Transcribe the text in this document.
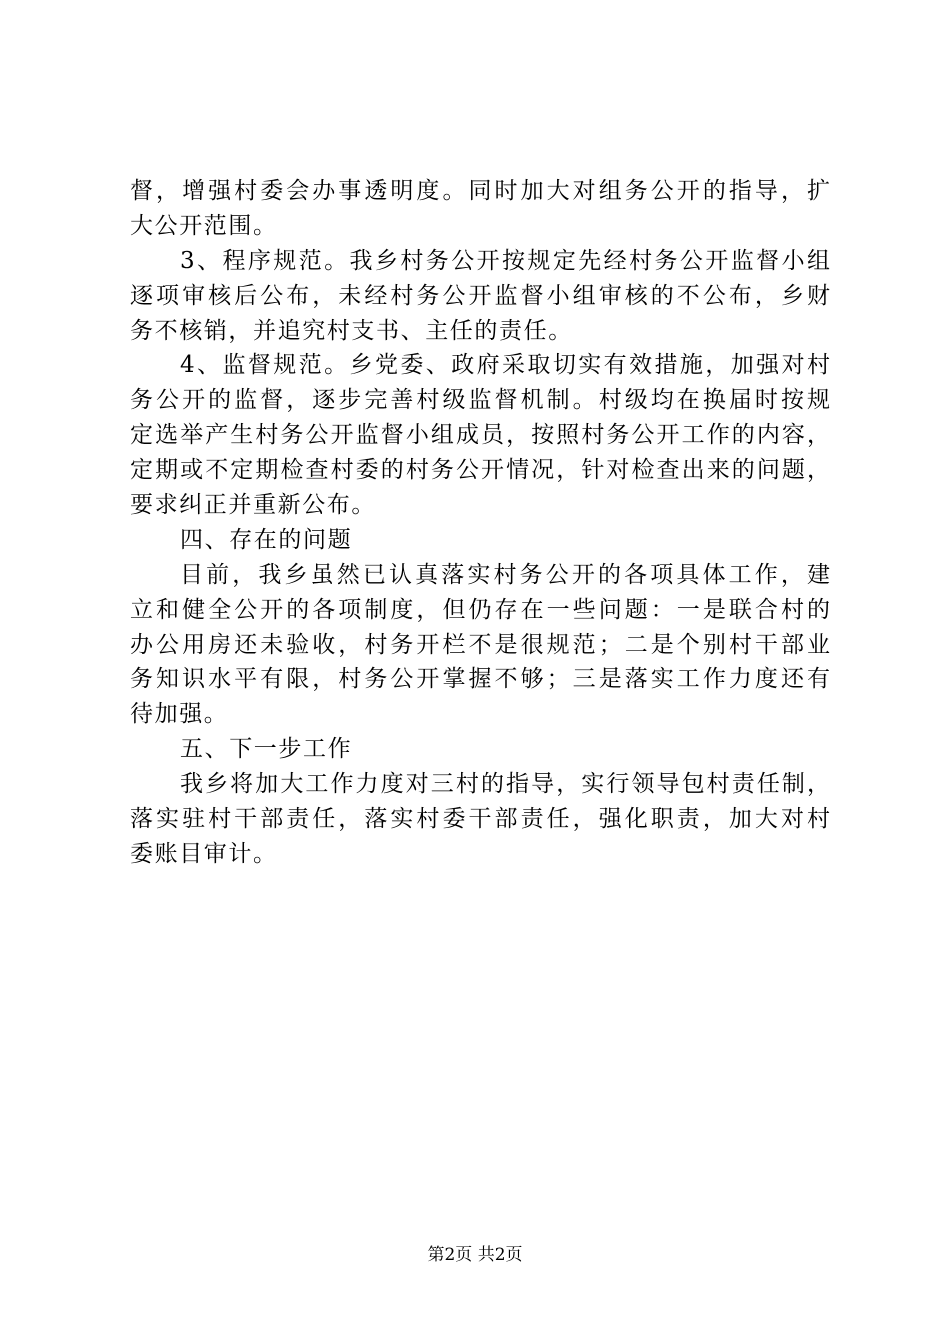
督，增强村委会办事透明度。同时加大对组务公开的指导，扩
大公开范围。
3、程序规范。我乡村务公开按规定先经村务公开监督小组
逐项审核后公布，未经村务公开监督小组审核的不公布，乡财
务不核销，并追究村支书、主任的责任。
4、监督规范。乡党委、政府采取切实有效措施，加强对村
务公开的监督，逐步完善村级监督机制。村级均在换届时按规
定选举产生村务公开监督小组成员，按照村务公开工作的内容，
定期或不定期检查村委的村务公开情况，针对检查出来的问题，
要求纠正并重新公布。
四、存在的问题
目前，我乡虽然已认真落实村务公开的各项具体工作，建
立和健全公开的各项制度，但仍存在一些问题：一是联合村的
办公用房还未验收，村务开栏不是很规范；二是个别村干部业
务知识水平有限，村务公开掌握不够；三是落实工作力度还有
待加强。
五、下一步工作
我乡将加大工作力度对三村的指导，实行领导包村责任制，
落实驻村干部责任，落实村委干部责任，强化职责，加大对村
委账目审计。
第2页 共2页
